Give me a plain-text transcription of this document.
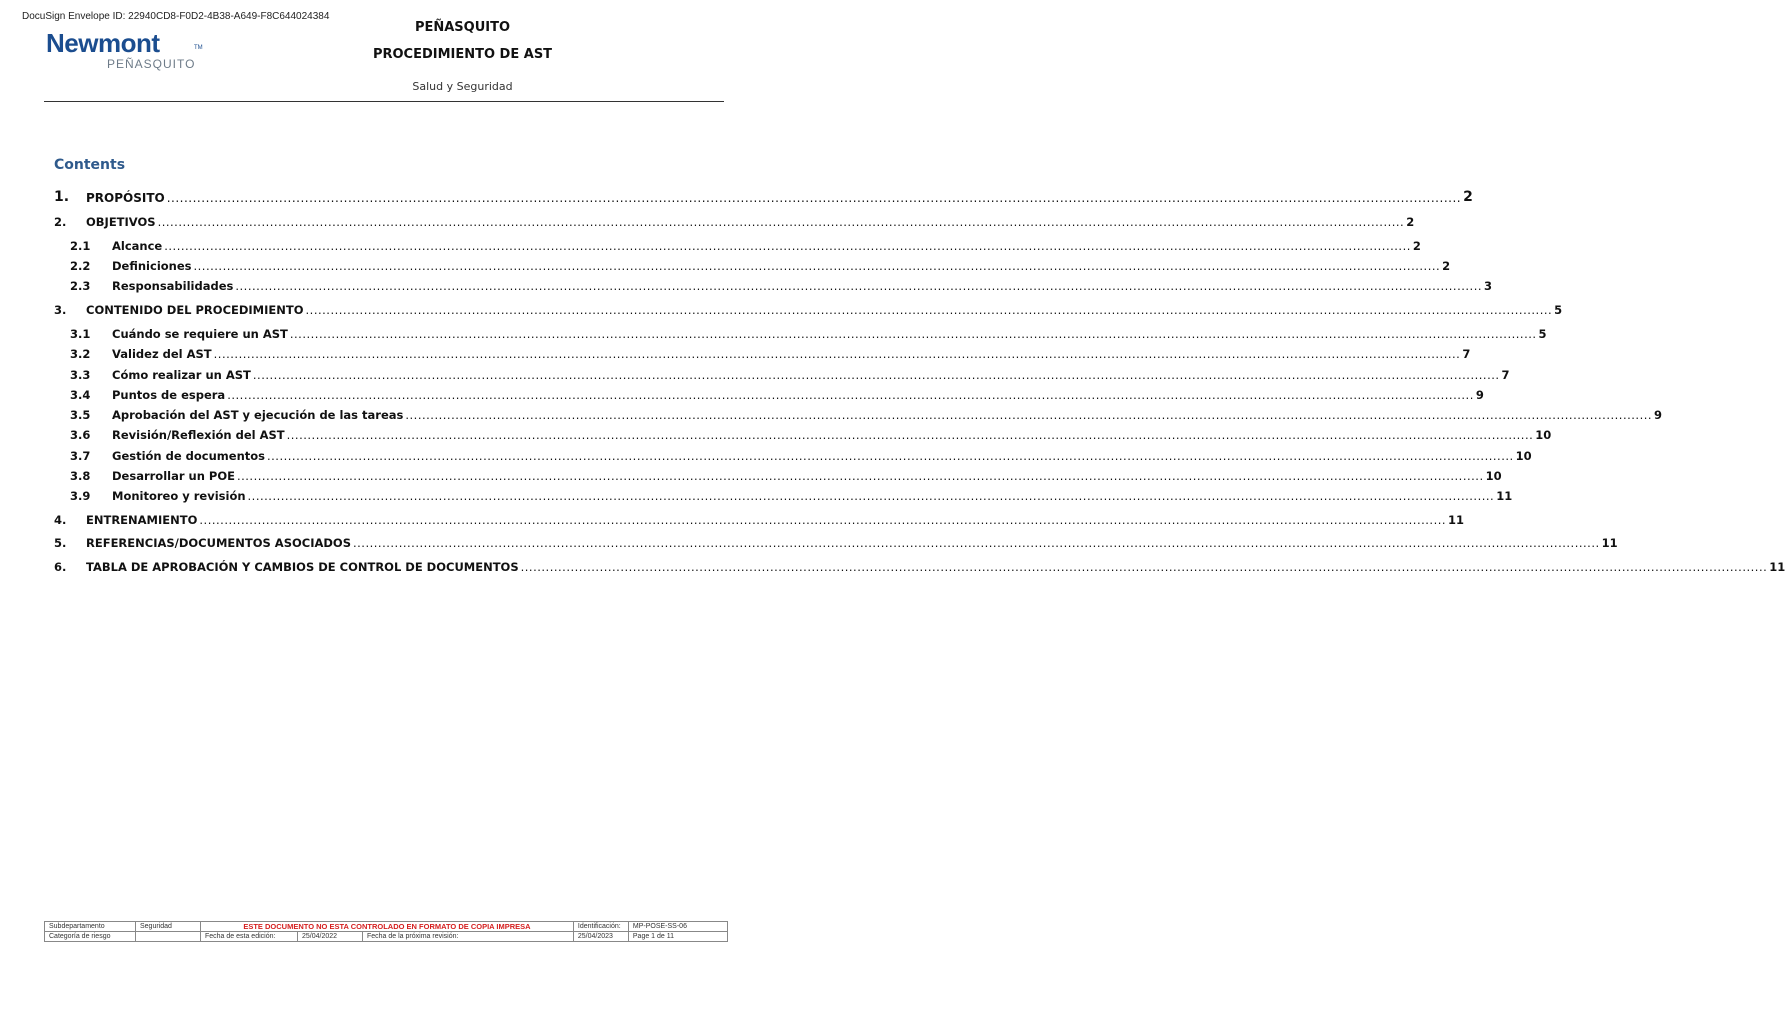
DocuSign Envelope ID: 22940CD8-F0D2-4B38-A649-F8C644024384
Newmont	TM
PEÑASQUITO
PEÑASQUITO
PROCEDIMIENTO DE AST
Salud y Seguridad
Contents
1.	PROPÓSITO ............................................................................................................................................................................................................................................................................................................ 2
2.	OBJETIVOS ............................................................................................................................................................................................................................................................................................................ 2
2.1	Alcance ............................................................................................................................................................................................................................................................................................................ 2
2.2	Definiciones ............................................................................................................................................................................................................................................................................................................ 2
2.3	Responsabilidades ............................................................................................................................................................................................................................................................................................................ 3
3.	CONTENIDO DEL PROCEDIMIENTO ............................................................................................................................................................................................................................................................................................................ 5
3.1	Cuándo se requiere un AST ............................................................................................................................................................................................................................................................................................................ 5
3.2	Validez del AST ............................................................................................................................................................................................................................................................................................................ 7
3.3	Cómo realizar un AST ............................................................................................................................................................................................................................................................................................................ 7
3.4	Puntos de espera ............................................................................................................................................................................................................................................................................................................ 9
3.5	Aprobación del AST y ejecución de las tareas ............................................................................................................................................................................................................................................................................................................ 9
3.6	Revisión/Reflexión del AST ............................................................................................................................................................................................................................................................................................................ 10
3.7	Gestión de documentos ............................................................................................................................................................................................................................................................................................................ 10
3.8	Desarrollar un POE ............................................................................................................................................................................................................................................................................................................ 10
3.9	Monitoreo y revisión ............................................................................................................................................................................................................................................................................................................ 11
4.	ENTRENAMIENTO ............................................................................................................................................................................................................................................................................................................ 11
5.	REFERENCIAS/DOCUMENTOS ASOCIADOS ............................................................................................................................................................................................................................................................................................................ 11
6.	TABLA DE APROBACIÓN Y CAMBIOS DE CONTROL DE DOCUMENTOS ............................................................................................................................................................................................................................................................................................................ 11
Subdepartamento	Seguridad	ESTE DOCUMENTO NO ESTA CONTROLADO EN FORMATO DE COPIA IMPRESA			Identificación:	MP-POSE-SS-06
Categoría de riesgo		Fecha de esta edición:	25/04/2022	Fecha de la próxima revisión:	25/04/2023	Page 1 de 11
